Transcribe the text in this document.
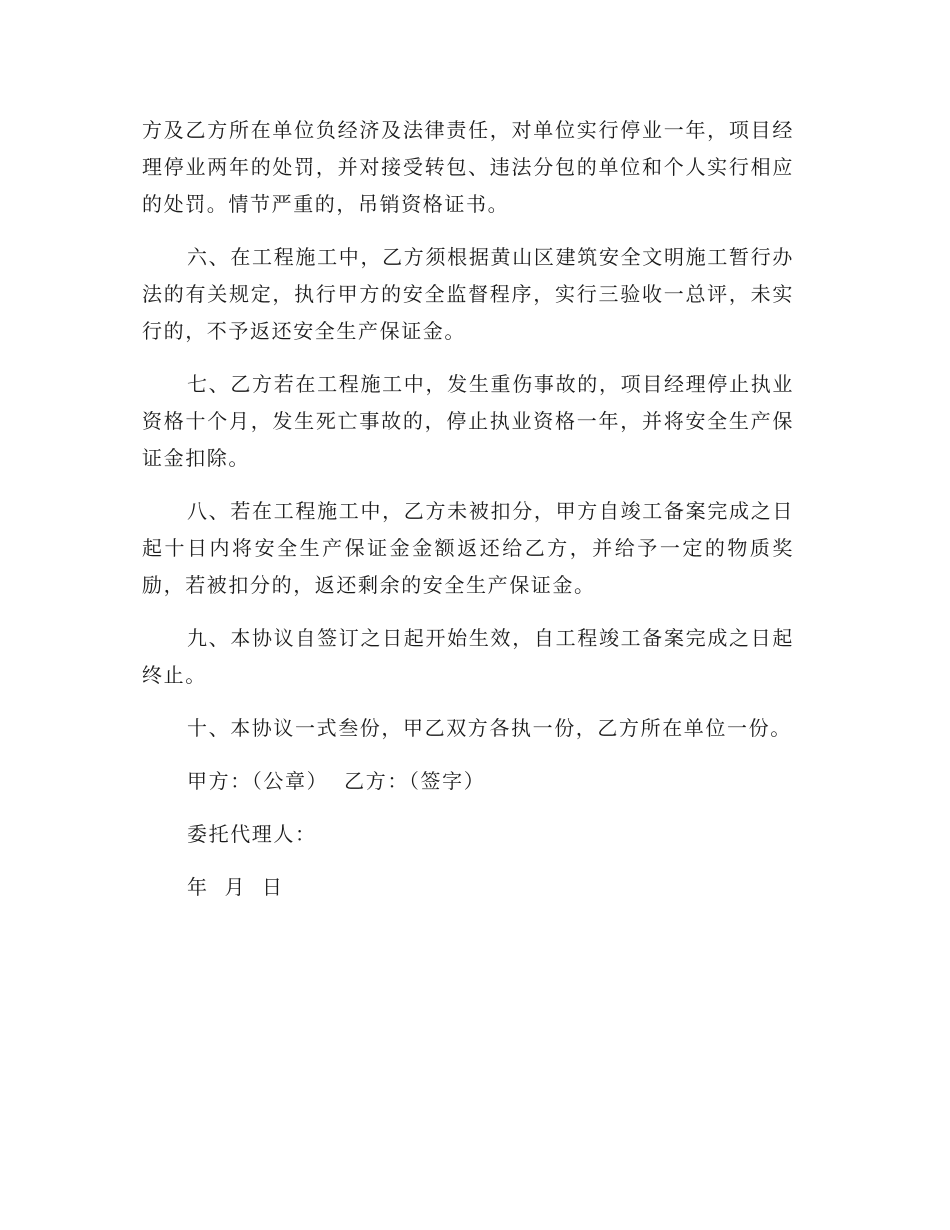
方及乙方所在单位负经济及法律责任，对单位实行停业一年，项目经理停业两年的处罚，并对接受转包、违法分包的单位和个人实行相应的处罚。情节严重的，吊销资格证书。

六、在工程施工中，乙方须根据黄山区建筑安全文明施工暂行办法的有关规定，执行甲方的安全监督程序，实行三验收一总评，未实行的，不予返还安全生产保证金。

七、乙方若在工程施工中，发生重伤事故的，项目经理停止执业资格十个月，发生死亡事故的，停止执业资格一年，并将安全生产保证金扣除。

八、若在工程施工中，乙方未被扣分，甲方自竣工备案完成之日起十日内将安全生产保证金金额返还给乙方，并给予一定的物质奖励，若被扣分的，返还剩余的安全生产保证金。

九、本协议自签订之日起开始生效，自工程竣工备案完成之日起终止。

十、本协议一式叁份，甲乙双方各执一份，乙方所在单位一份。

甲方：（公章） 乙方：（签字）
委托代理人：
年  月  日
